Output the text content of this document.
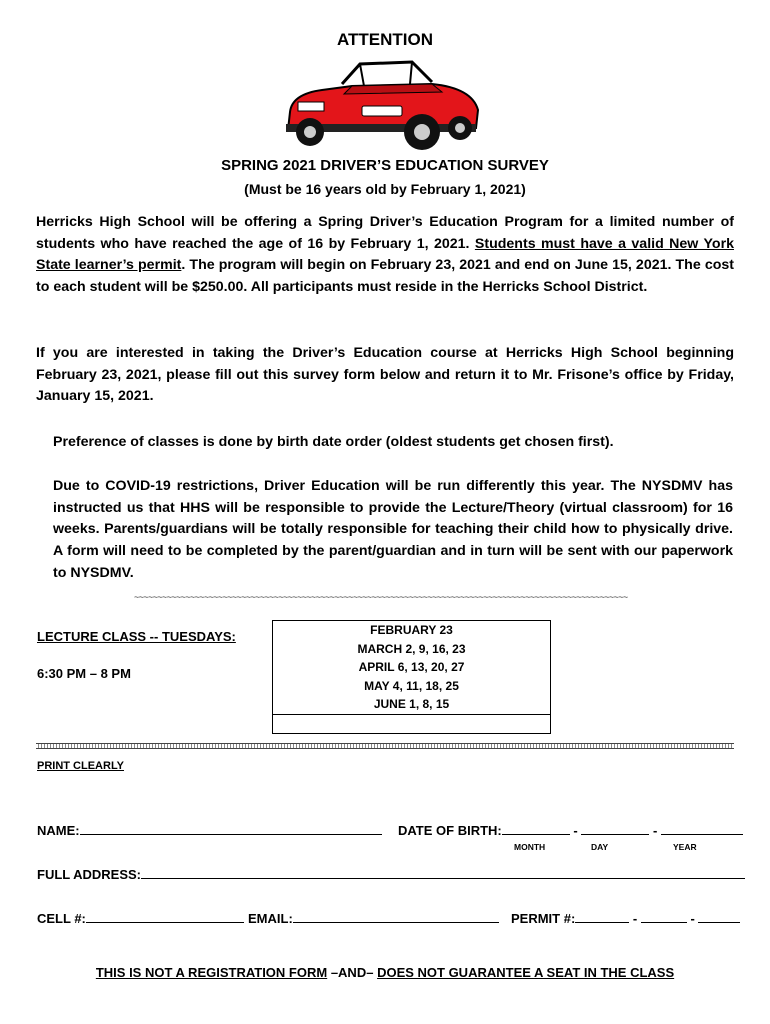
ATTENTION
SPRING 2021 DRIVER’S EDUCATION SURVEY
(Must be 16 years old by February 1, 2021)

Herricks High School will be offering a Spring Driver’s Education Program for a limited number of students who have reached the age of 16 by February 1, 2021. Students must have a valid New York State learner’s permit. The program will begin on February 23, 2021 and end on June 15, 2021. The cost to each student will be $250.00. All participants must reside in the Herricks School District.

If you are interested in taking the Driver’s Education course at Herricks High School beginning February 23, 2021, please fill out this survey form below and return it to Mr. Frisone’s office by Friday, January 15, 2021.

Preference of classes is done by birth date order (oldest students get chosen first).

Due to COVID-19 restrictions, Driver Education will be run differently this year. The NYSDMV has instructed us that HHS will be responsible to provide the Lecture/Theory (virtual classroom) for 16 weeks. Parents/guardians will be totally responsible for teaching their child how to physically drive. A form will need to be completed by the parent/guardian and in turn will be sent with our paperwork to NYSDMV.

~~~~~~~~~~~~~~~~~~~~~~~~~~~~~~~~~~~~~~~~~~~~~~~~~~~~~~~~~~~~~~~~~~~~~~~~~~~~~~~~~~~~~~~~~~~~~~~~~~~~~~~~~~
LECTURE CLASS -- TUESDAYS:
6:30 PM – 8 PM
FEBRUARY 23
MARCH 2, 9, 16, 23
APRIL 6, 13, 20, 27
MAY 4, 11, 18, 25
JUNE 1, 8, 15

PRINT CLEARLY
NAME:	DATE OF BIRTH:	-	-
MONTH	DAY	YEAR
FULL ADDRESS:
CELL #:	EMAIL:	PERMIT #:	-	-
THIS IS NOT A REGISTRATION FORM –AND– DOES NOT GUARANTEE A SEAT IN THE CLASS
